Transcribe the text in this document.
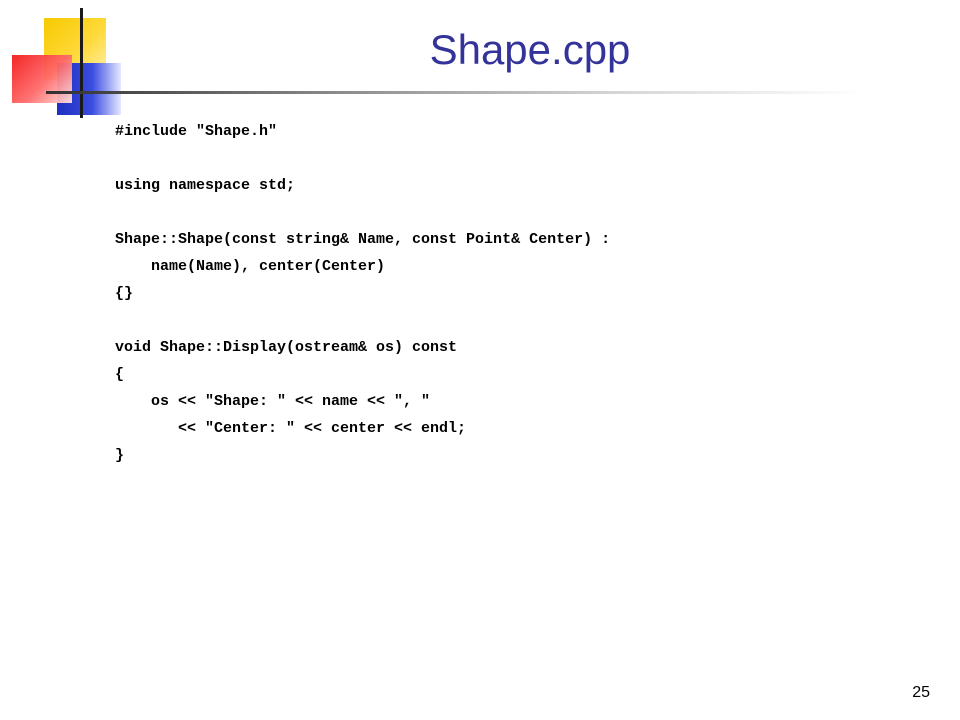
Shape.cpp
#include "Shape.h"
using namespace std;
Shape::Shape(const string& Name, const Point& Center) :
name(Name), center(Center)
{}
void Shape::Display(ostream& os) const
{
os << "Shape: " << name << ", "
<< "Center: " << center << endl;
}
25
